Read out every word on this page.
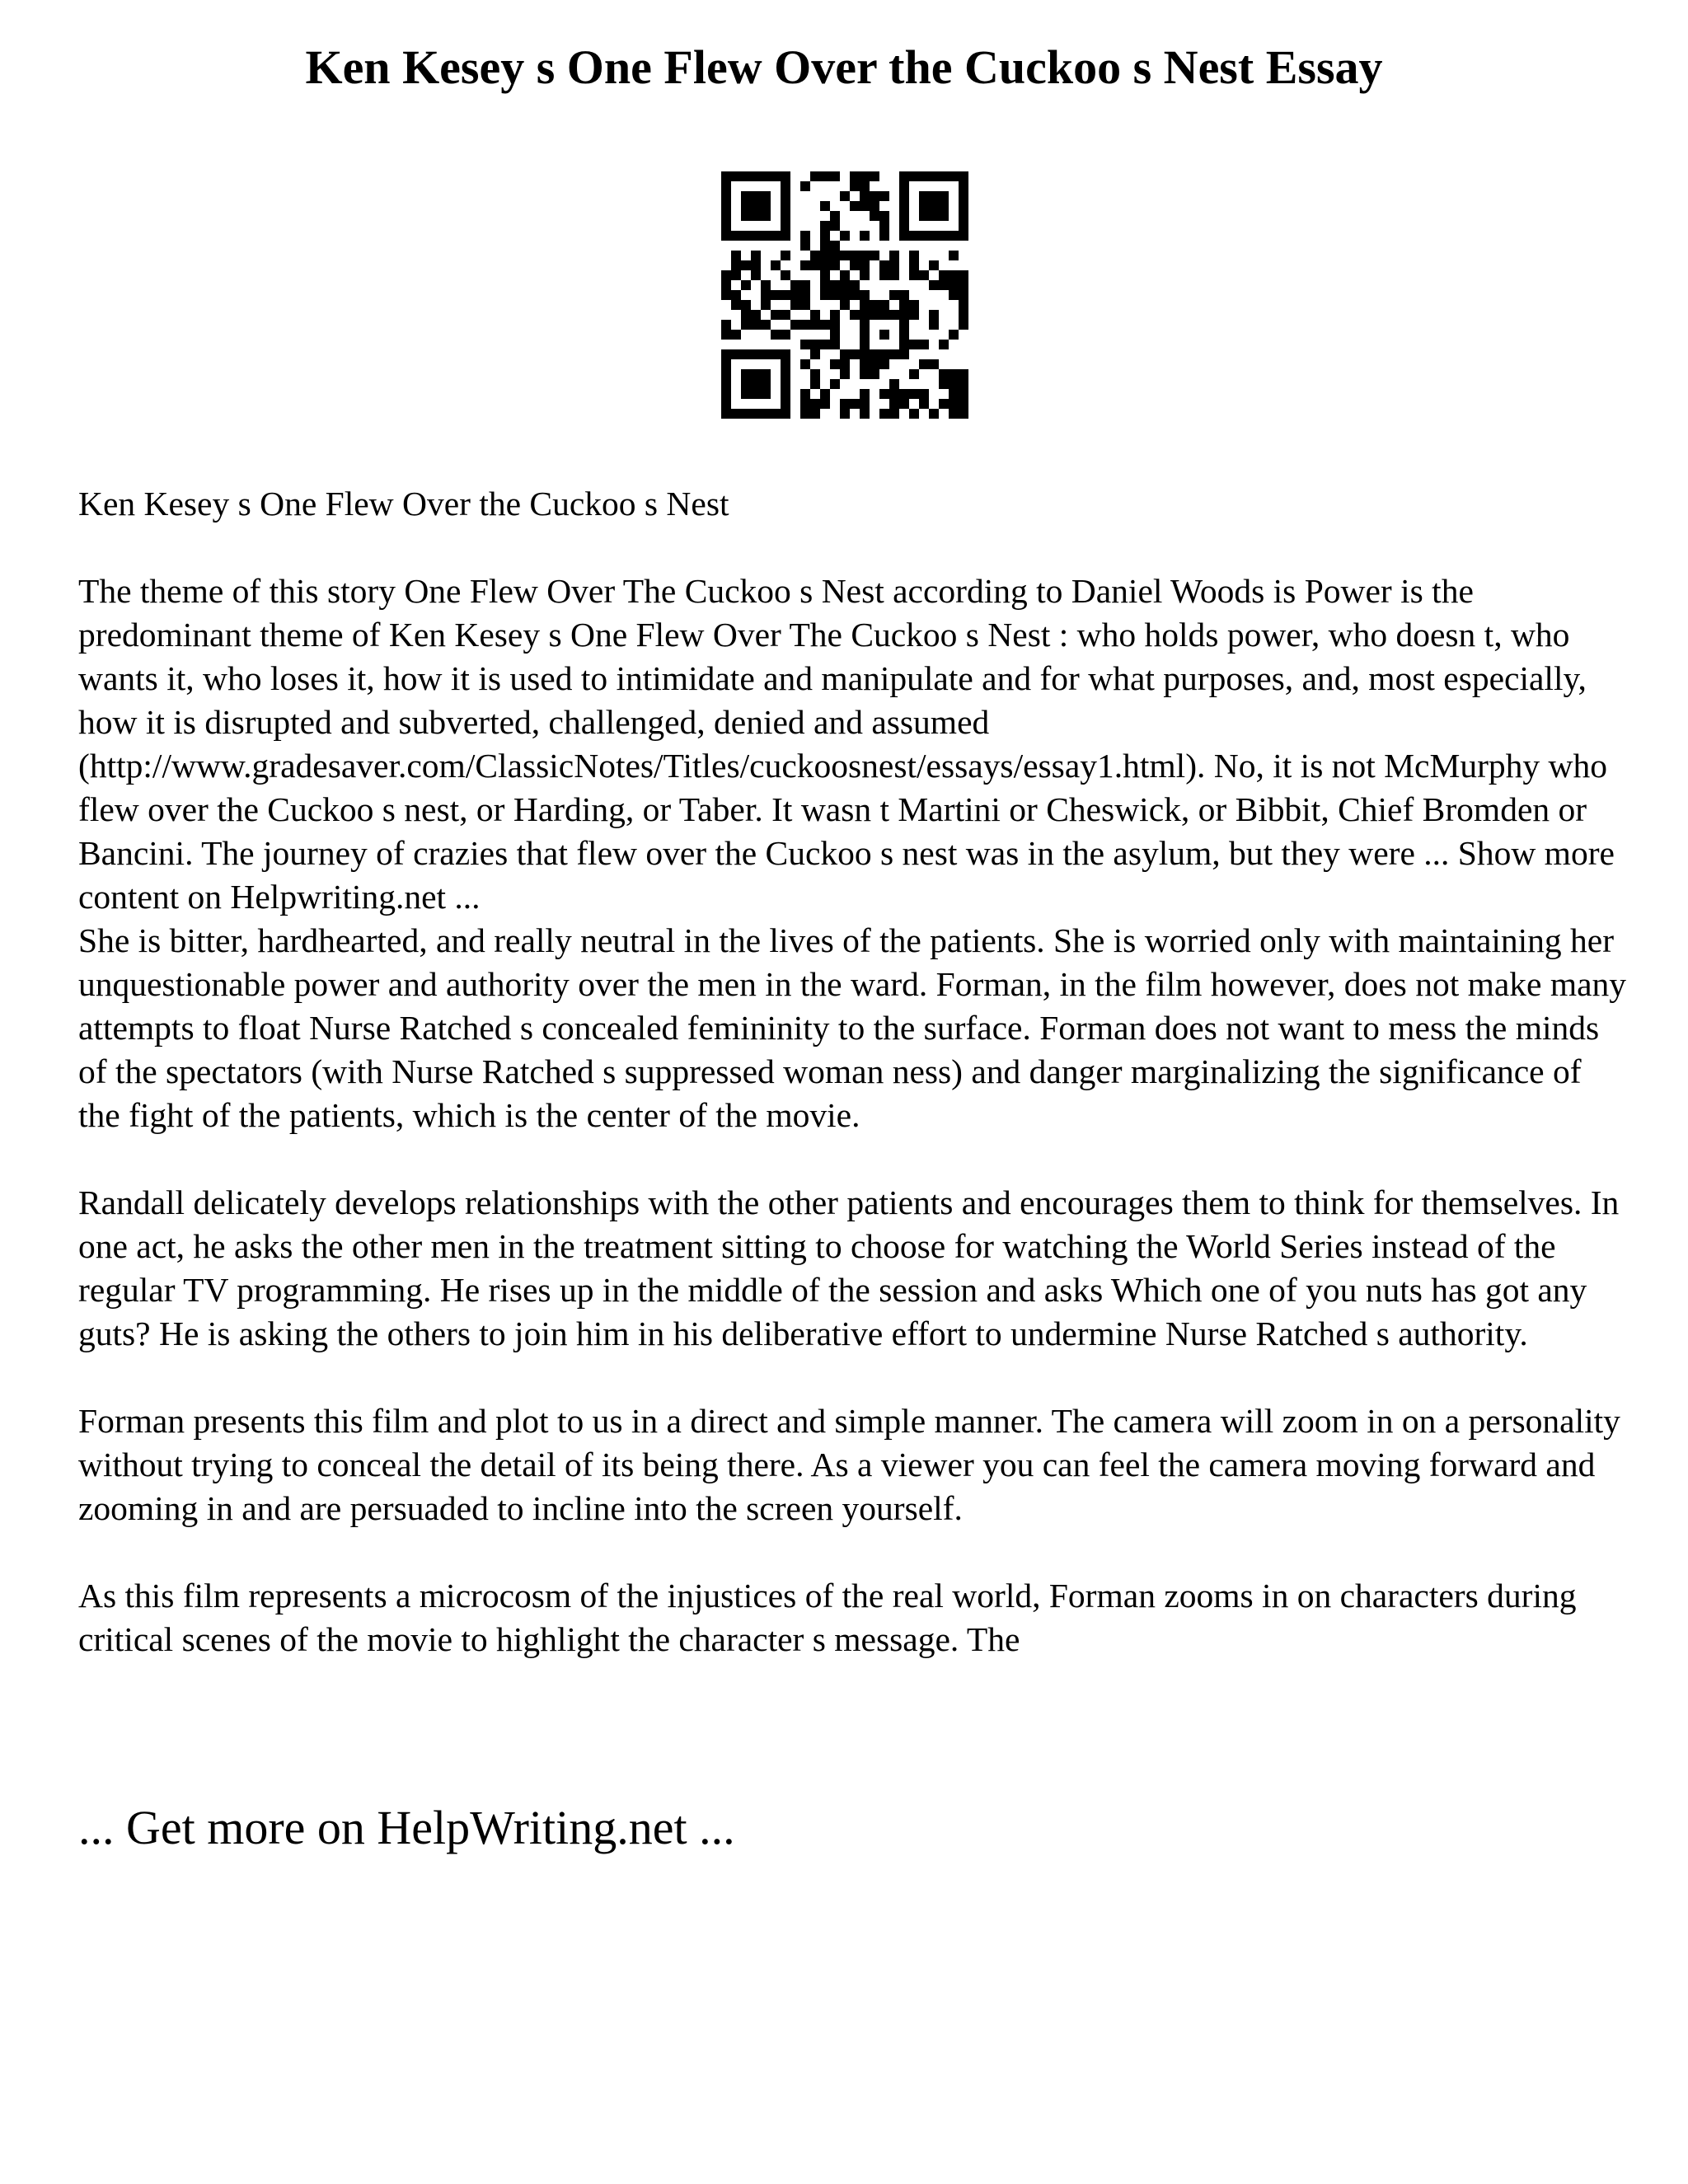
Ken Kesey s One Flew Over the Cuckoo s Nest Essay

Ken Kesey s One Flew Over the Cuckoo s Nest

The theme of this story One Flew Over The Cuckoo s Nest according to Daniel Woods is Power is the predominant theme of Ken Kesey s One Flew Over The Cuckoo s Nest : who holds power, who doesn t, who wants it, who loses it, how it is used to intimidate and manipulate and for what purposes, and, most especially, how it is disrupted and subverted, challenged, denied and assumed (http://www.gradesaver.com/ClassicNotes/Titles/cuckoosnest/essays/essay1.html). No, it is not McMurphy who flew over the Cuckoo s nest, or Harding, or Taber. It wasn t Martini or Cheswick, or Bibbit, Chief Bromden or Bancini. The journey of crazies that flew over the Cuckoo s nest was in the asylum, but they were ... Show more content on Helpwriting.net ...

She is bitter, hardhearted, and really neutral in the lives of the patients. She is worried only with maintaining her unquestionable power and authority over the men in the ward. Forman, in the film however, does not make many attempts to float Nurse Ratched s concealed femininity to the surface. Forman does not want to mess the minds of the spectators (with Nurse Ratched s suppressed woman ness) and danger marginalizing the significance of the fight of the patients, which is the center of the movie.

Randall delicately develops relationships with the other patients and encourages them to think for themselves. In one act, he asks the other men in the treatment sitting to choose for watching the World Series instead of the regular TV programming. He rises up in the middle of the session and asks Which one of you nuts has got any guts? He is asking the others to join him in his deliberative effort to undermine Nurse Ratched s authority.

Forman presents this film and plot to us in a direct and simple manner. The camera will zoom in on a personality without trying to conceal the detail of its being there. As a viewer you can feel the camera moving forward and zooming in and are persuaded to incline into the screen yourself.

As this film represents a microcosm of the injustices of the real world, Forman zooms in on characters during critical scenes of the movie to highlight the character s message. The

... Get more on HelpWriting.net ...
